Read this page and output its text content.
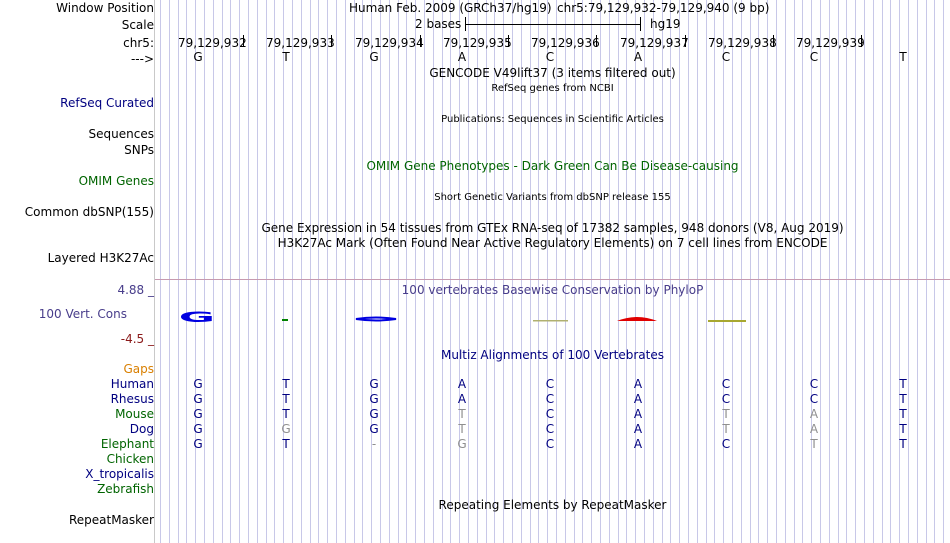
Window Position	Human Feb. 2009 (GRCh37/hg19) chr5:79,129,932-79,129,940 (9 bp)
Scale	2 bases	hg19
chr5: 79,129,932 79,129,933 79,129,934 79,129,935 79,129,936 79,129,937 79,129,938 79,129,939
--->	G	T	G	A	C	A	C	C	T
GENCODE V49lift37 (3 items filtered out)
RefSeq genes from NCBI
RefSeq Curated
Publications: Sequences in Scientific Articles
Sequences
SNPs
OMIM Gene Phenotypes - Dark Green Can Be Disease-causing
OMIM Genes
Short Genetic Variants from dbSNP release 155
Common dbSNP(155)
Gene Expression in 54 tissues from GTEx RNA-seq of 17382 samples, 948 donors (V8, Aug 2019)
H3K27Ac Mark (Often Found Near Active Regulatory Elements) on 7 cell lines from ENCODE
Layered H3K27Ac
4.88 _	100 vertebrates Basewise Conservation by PhyloP
100 Vert. Cons
-4.5 _
G
Multiz Alignments of 100 Vertebrates
Gaps
Human	G	T	G	A	C	A	C	C	T
Rhesus	G	T	G	A	C	A	C	C	T
Mouse	G	T	G	T	C	A	T	A	T
Dog	G	G	G	T	C	A	T	A	T
Elephant	G	T	-	G	C	A	C	T	T
Chicken
X_tropicalis
Zebrafish
Repeating Elements by RepeatMasker
RepeatMasker
